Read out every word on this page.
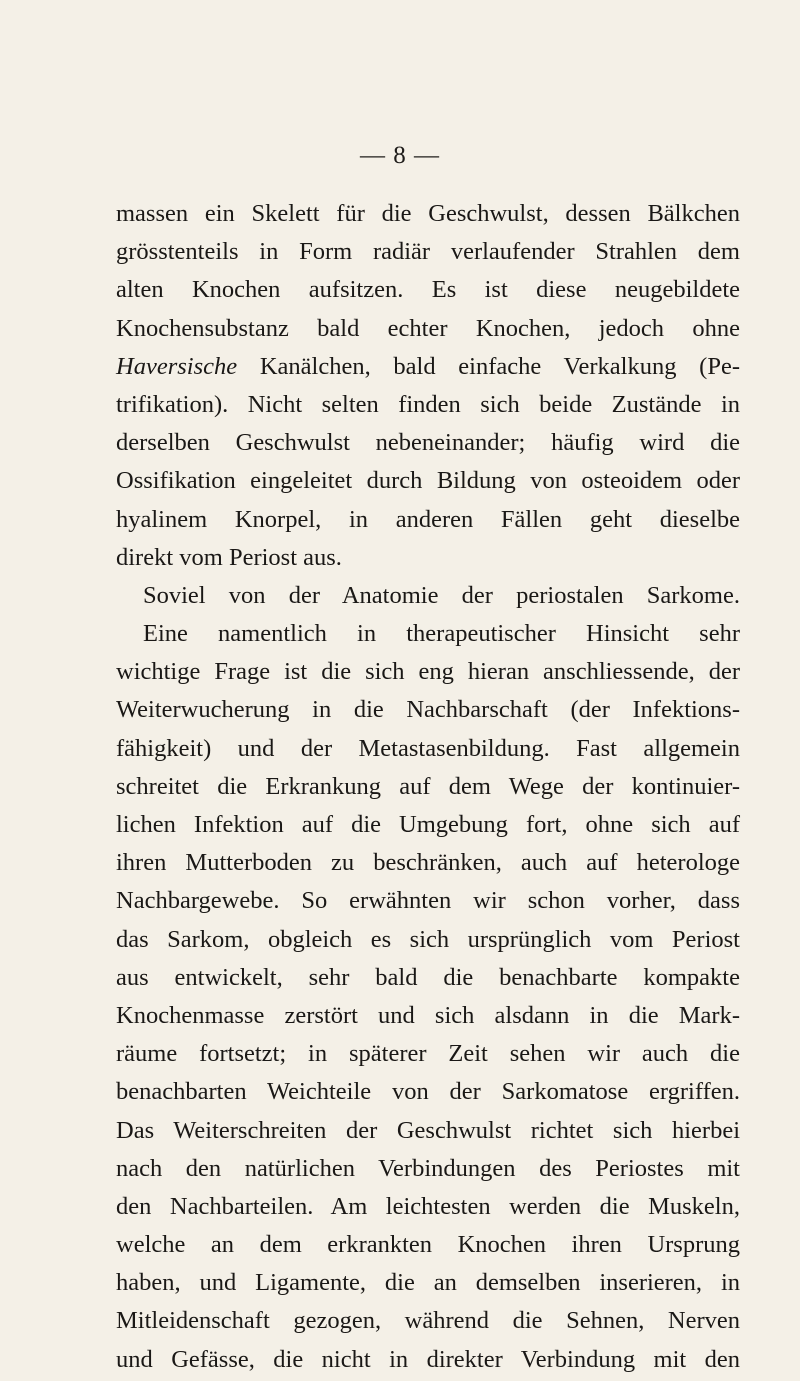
— 8 —
massen ein Skelett für die Geschwulst, dessen Bälkchen
grösstenteils in Form radiär verlaufender Strahlen dem
alten Knochen aufsitzen. Es ist diese neugebildete
Knochensubstanz bald echter Knochen, jedoch ohne
Haversische Kanälchen, bald einfache Verkalkung (Pe-
trifikation). Nicht selten finden sich beide Zustände in
derselben Geschwulst nebeneinander; häufig wird die
Ossifikation eingeleitet durch Bildung von osteoidem oder
hyalinem Knorpel, in anderen Fällen geht dieselbe
direkt vom Periost aus.
Soviel von der Anatomie der periostalen Sarkome.
Eine namentlich in therapeutischer Hinsicht sehr
wichtige Frage ist die sich eng hieran anschliessende, der
Weiterwucherung in die Nachbarschaft (der Infektions-
fähigkeit) und der Metastasenbildung. Fast allgemein
schreitet die Erkrankung auf dem Wege der kontinuier-
lichen Infektion auf die Umgebung fort, ohne sich auf
ihren Mutterboden zu beschränken, auch auf heterologe
Nachbargewebe. So erwähnten wir schon vorher, dass
das Sarkom, obgleich es sich ursprünglich vom Periost
aus entwickelt, sehr bald die benachbarte kompakte
Knochenmasse zerstört und sich alsdann in die Mark-
räume fortsetzt; in späterer Zeit sehen wir auch die
benachbarten Weichteile von der Sarkomatose ergriffen.
Das Weiterschreiten der Geschwulst richtet sich hierbei
nach den natürlichen Verbindungen des Periostes mit
den Nachbarteilen. Am leichtesten werden die Muskeln,
welche an dem erkrankten Knochen ihren Ursprung
haben, und Ligamente, die an demselben inserieren, in
Mitleidenschaft gezogen, während die Sehnen, Nerven
und Gefässe, die nicht in direkter Verbindung mit den
